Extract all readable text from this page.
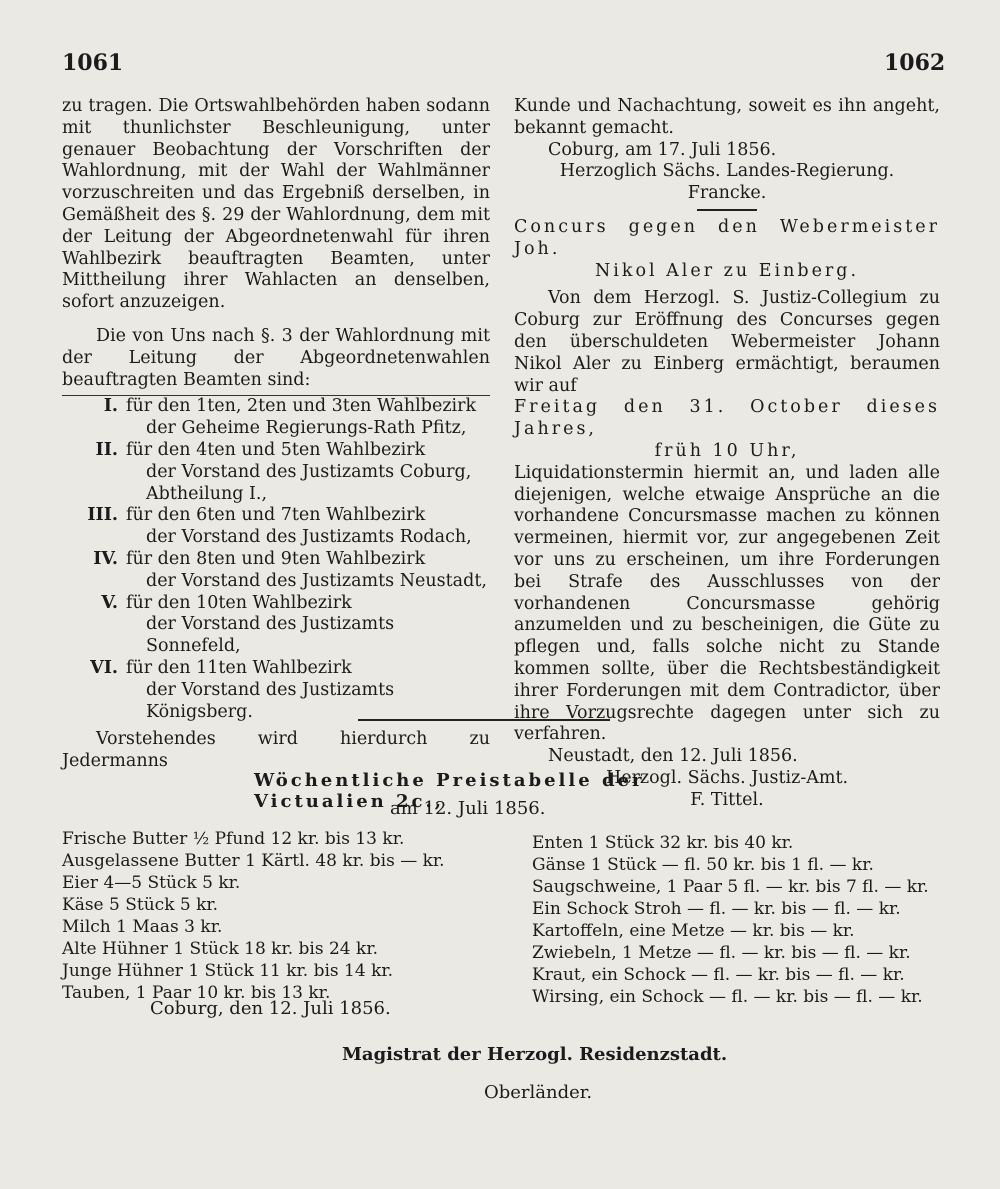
1061	1062

zu tragen. Die Ortswahlbehörden haben sodann mit thunlichster Beschleunigung, unter genauer Beobachtung der Vorschriften der Wahlordnung, mit der Wahl der Wahlmänner vorzuschreiten und das Ergebniß derselben, in Gemäßheit des §. 29 der Wahlordnung, dem mit der Leitung der Abgeordnetenwahl für ihren Wahlbezirk beauftragten Beamten, unter Mittheilung ihrer Wahlacten an denselben, sofort anzuzeigen.

Die von Uns nach §. 3 der Wahlordnung mit der Leitung der Abgeordnetenwahlen beauftragten Beamten sind:

I. für den 1ten, 2ten und 3ten Wahlbezirk
der Geheime Regierungs-Rath Pfitz,
II. für den 4ten und 5ten Wahlbezirk
der Vorstand des Justizamts Coburg, Abtheilung I.,
III. für den 6ten und 7ten Wahlbezirk
der Vorstand des Justizamts Rodach,
IV. für den 8ten und 9ten Wahlbezirk
der Vorstand des Justizamts Neustadt,
V. für den 10ten Wahlbezirk
der Vorstand des Justizamts Sonnefeld,
VI. für den 11ten Wahlbezirk
der Vorstand des Justizamts Königsberg.

Vorstehendes wird hierdurch zu Jedermanns

Kunde und Nachachtung, soweit es ihn angeht, bekannt gemacht.

Coburg, am 17. Juli 1856.

Herzoglich Sächs. Landes-Regierung.

Francke.

Concurs gegen den Webermeister Joh.

Nikol Aler zu Einberg.

Von dem Herzogl. S. Justiz-Collegium zu Coburg zur Eröffnung des Concurses gegen den überschuldeten Webermeister Johann Nikol Aler zu Einberg ermächtigt, beraumen wir auf

Freitag den 31. October dieses Jahres,

früh 10 Uhr,

Liquidationstermin hiermit an, und laden alle diejenigen, welche etwaige Ansprüche an die vorhandene Concursmasse machen zu können vermeinen, hiermit vor, zur angegebenen Zeit vor uns zu erscheinen, um ihre Forderungen bei Strafe des Ausschlusses von der vorhandenen Concursmasse gehörig anzumelden und zu bescheinigen, die Güte zu pflegen und, falls solche nicht zu Stande kommen sollte, über die Rechtsbeständigkeit ihrer Forderungen mit dem Contradictor, über ihre Vorzugsrechte dagegen unter sich zu verfahren.

Neustadt, den 12. Juli 1856.

Herzogl. Sächs. Justiz-Amt.

F. Tittel.

Wöchentliche Preistabelle der Victualien 2c.,
am 12. Juli 1856.
Frische Butter ½ Pfund 12 kr. bis 13 kr.
Ausgelassene Butter 1 Kärtl. 48 kr. bis — kr.
Eier 4—5 Stück 5 kr.
Käse 5 Stück 5 kr.
Milch 1 Maas 3 kr.
Alte Hühner 1 Stück 18 kr. bis 24 kr.
Junge Hühner 1 Stück 11 kr. bis 14 kr.
Tauben, 1 Paar 10 kr. bis 13 kr.
Enten 1 Stück 32 kr. bis 40 kr.
Gänse 1 Stück — fl. 50 kr. bis 1 fl. — kr.
Saugschweine, 1 Paar 5 fl. — kr. bis 7 fl. — kr.
Ein Schock Stroh — fl. — kr. bis — fl. — kr.
Kartoffeln, eine Metze — kr. bis — kr.
Zwiebeln, 1 Metze — fl. — kr. bis — fl. — kr.
Kraut, ein Schock — fl. — kr. bis — fl. — kr.
Wirsing, ein Schock — fl. — kr. bis — fl. — kr.
Coburg, den 12. Juli 1856.
Magistrat der Herzogl. Residenzstadt.
Oberländer.
